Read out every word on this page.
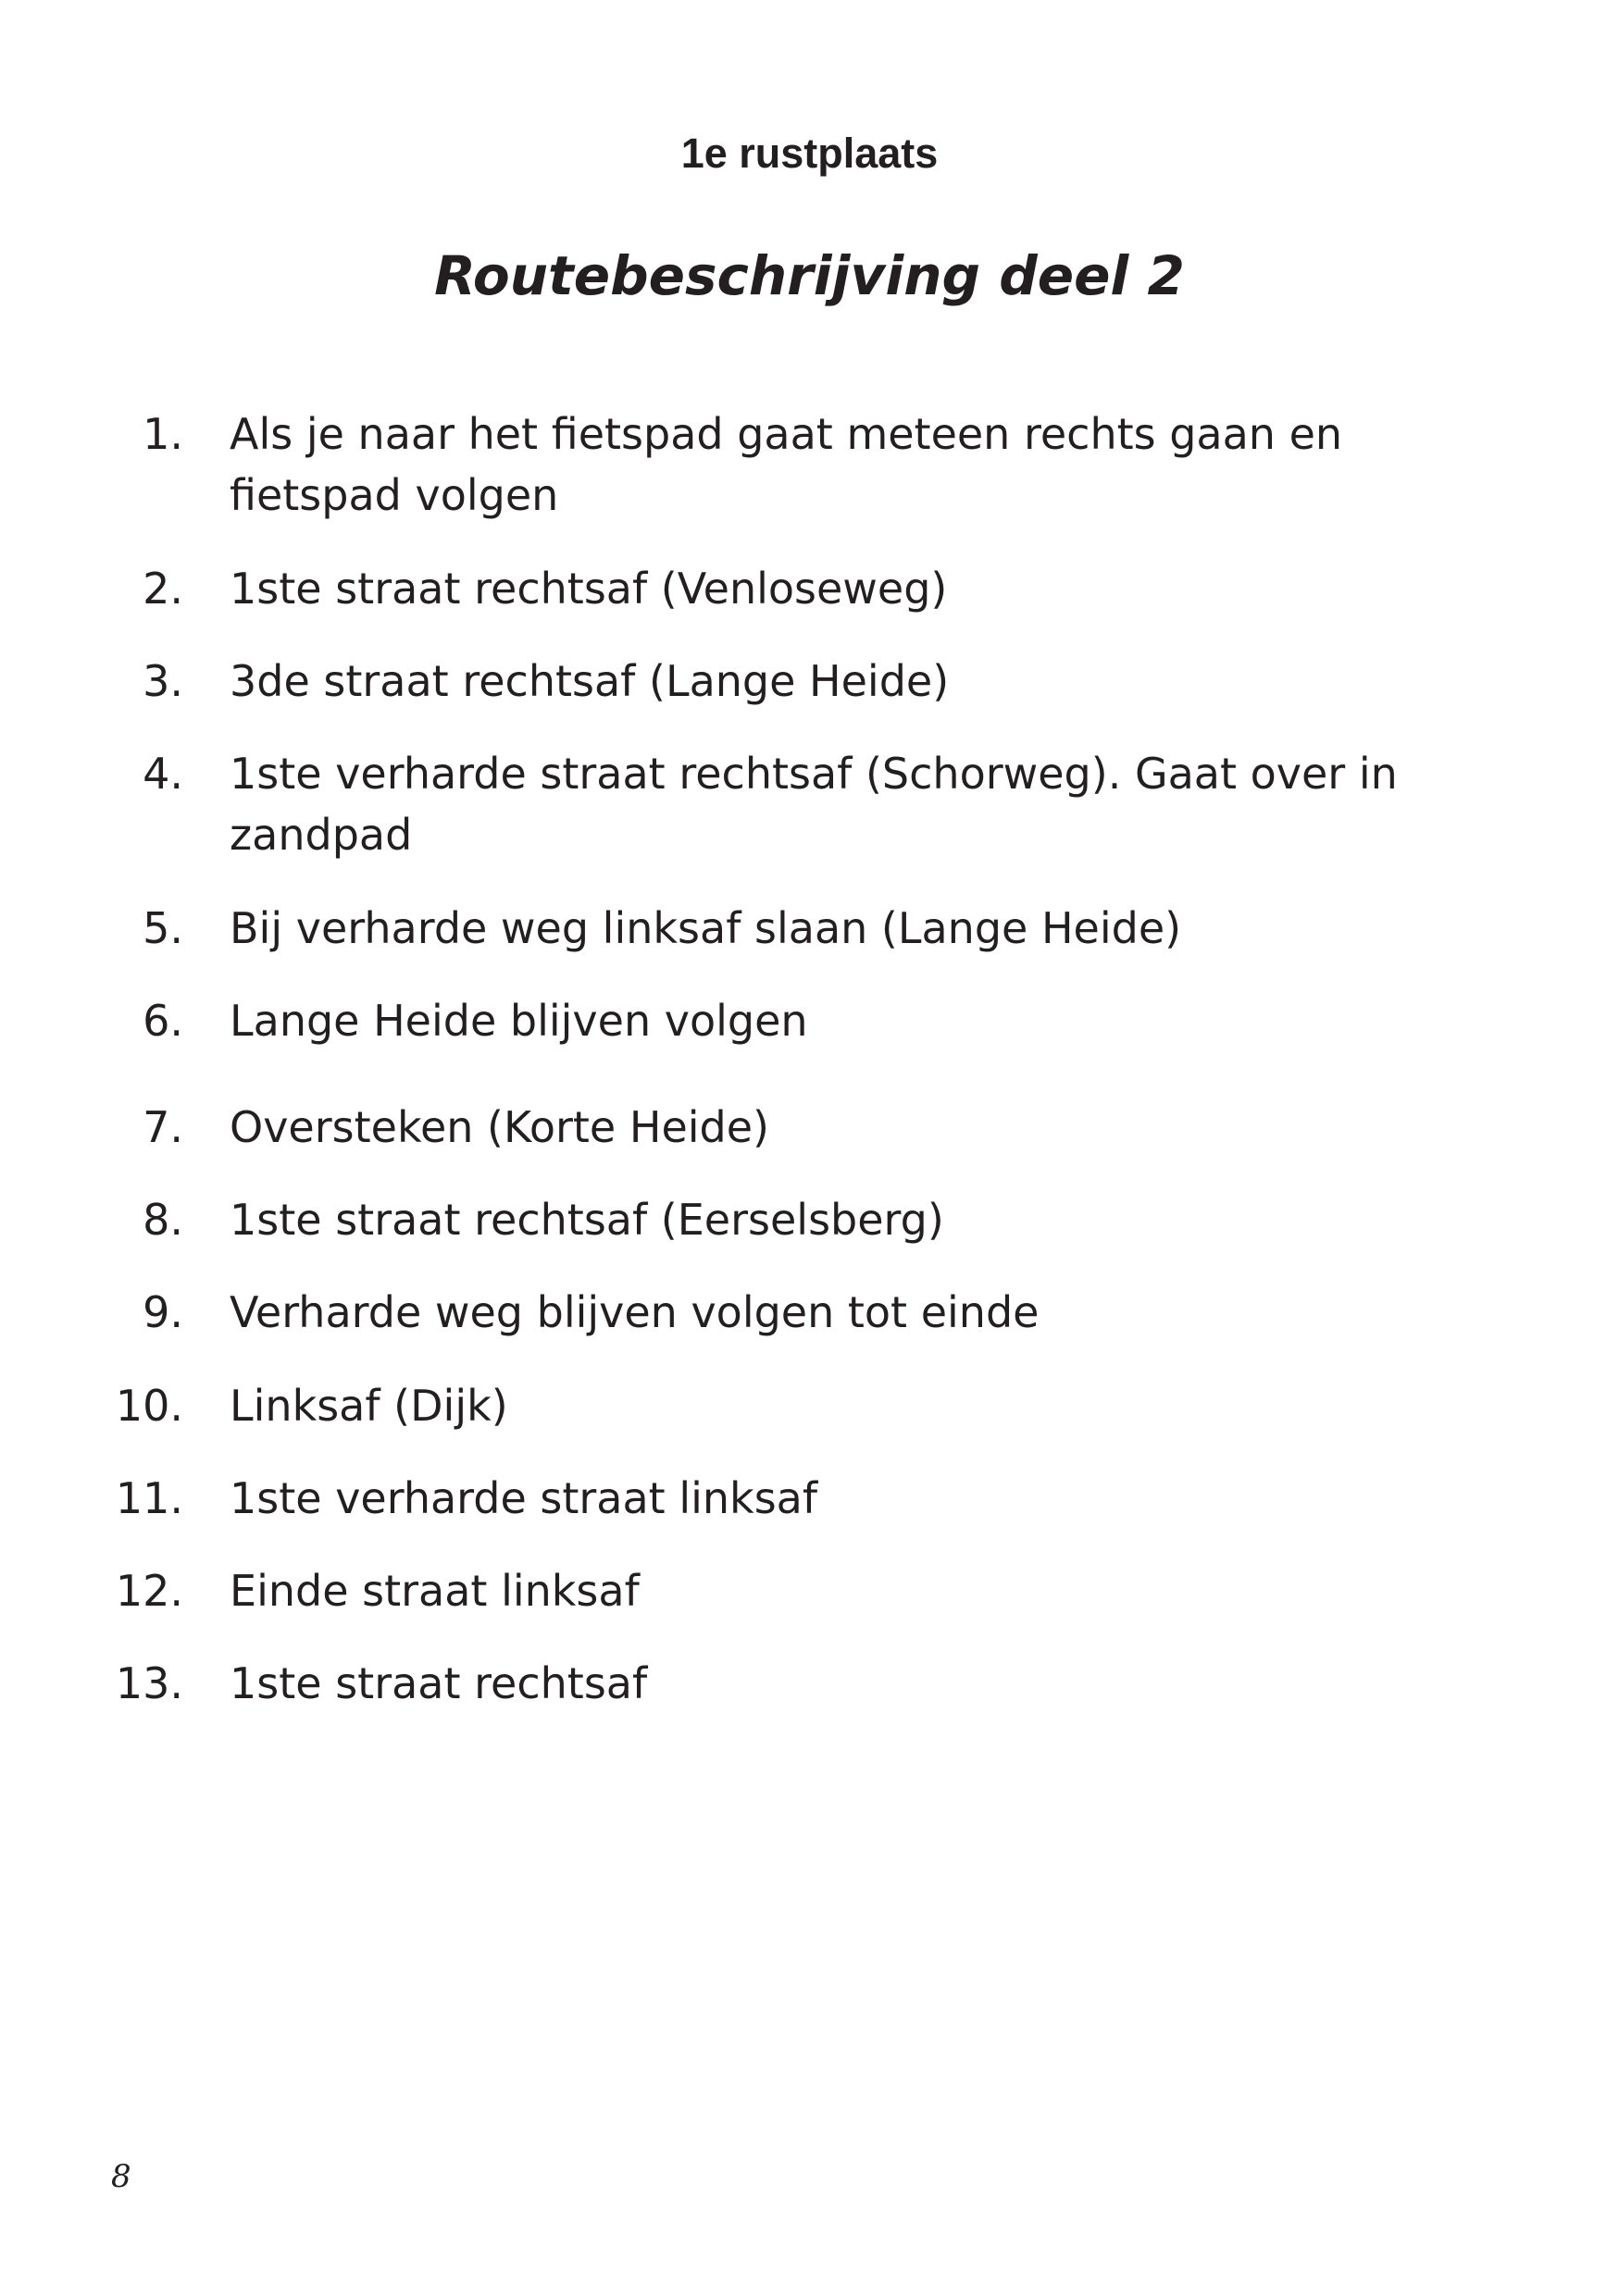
1e rustplaats
Routebeschrijving deel 2
1. Als je naar het fietspad gaat meteen rechts gaan en fietspad volgen
2. 1ste straat rechtsaf (Venloseweg)
3. 3de straat rechtsaf (Lange Heide)
4. 1ste verharde straat rechtsaf (Schorweg). Gaat over in zandpad
5. Bij verharde weg linksaf slaan (Lange Heide)
6. Lange Heide blijven volgen
7. Oversteken (Korte Heide)
8. 1ste straat rechtsaf (Eerselsberg)
9. Verharde weg blijven volgen tot einde
10. Linksaf (Dijk)
11. 1ste verharde straat linksaf
12. Einde straat linksaf
13. 1ste straat rechtsaf
8
